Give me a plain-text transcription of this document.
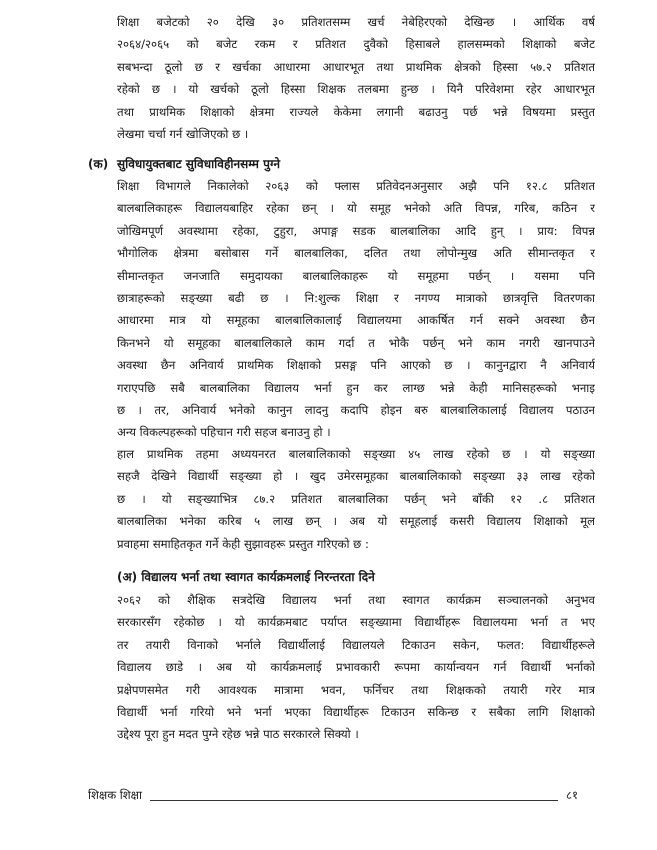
शिक्षा बजेटको २० देखि ३० प्रतिशतसम्म खर्च नेबेहिरएको देखिन्छ । आर्थिक वर्ष
२०६४/२०६५ को बजेट रकम र प्रतिशत दुवैको हिसाबले हालसम्मको शिक्षाको बजेट
सबभन्दा ठूलो छ र खर्चका आधारमा आधारभूत तथा प्राथमिक क्षेत्रको हिस्सा ५७.२ प्रतिशत
रहेको छ । यो खर्चको ठूलो हिस्सा शिक्षक तलबमा हुन्छ । यिनै परिवेशमा रहेर आधारभूत
तथा प्राथमिक शिक्षाको क्षेत्रमा राज्यले केकेमा लगानी बढाउनु पर्छ भन्ने विषयमा प्रस्तुत
लेखमा चर्चा गर्न खोजिएको छ ।
(क) सुविधायुक्तबाट सुविधाविहीनसम्म पुग्ने
शिक्षा विभागले निकालेको २०६३ को फ्लास प्रतिवेदनअनुसार अझै पनि १२.८ प्रतिशत
बालबालिकाहरू विद्यालयबाहिर रहेका छन् । यो समूह भनेको अति विपन्न, गरिब, कठिन र
जोखिमपूर्ण अवस्थामा रहेका, टुहुरा, अपाङ्ग सडक बालबालिका आदि हुन् । प्राय: विपन्न
भौगोलिक क्षेत्रमा बसोबास गर्ने बालबालिका, दलित तथा लोपोन्मुख अति सीमान्तकृत र
सीमान्तकृत जनजाति समुदायका बालबालिकाहरू यो समूहमा पर्छन् । यसमा पनि
छात्राहरूको सङ्ख्या बढी छ । नि:शुल्क शिक्षा र नगण्य मात्राको छात्रवृत्ति वितरणका
आधारमा मात्र यो समूहका बालबालिकालाई विद्यालयमा आकर्षित गर्न सक्ने अवस्था छैन
किनभने यो समूहका बालबालिकाले काम गर्दा त भोकै पर्छन् भने काम नगरी खानपाउने
अवस्था छैन अनिवार्य प्राथमिक शिक्षाको प्रसङ्ग पनि आएको छ । कानुनद्वारा नै अनिवार्य
गराएपछि सबै बालबालिका विद्यालय भर्ना हुन कर लाग्छ भन्ने केही मानिसहरूको भनाइ
छ । तर, अनिवार्य भनेको कानुन लादनु कदापि होइन बरु बालबालिकालाई विद्यालय पठाउन
अन्य विकल्पहरूको पहिचान गरी सहज बनाउनु हो ।
हाल प्राथमिक तहमा अध्ययनरत बालबालिकाको सङ्ख्या ४५ लाख रहेको छ । यो सङ्ख्या
सहजै देखिने विद्यार्थी सङ्ख्या हो । खुद उमेरसमूहका बालबालिकाको सङ्ख्या ३३ लाख रहेको
छ । यो सङ्ख्याभित्र ८७.२ प्रतिशत बालबालिका पर्छन् भने बाँकी १२ .८ प्रतिशत
बालबालिका भनेका करिब ५ लाख छन् । अब यो समूहलाई कसरी विद्यालय शिक्षाको मूल
प्रवाहमा समाहितकृत गर्ने केही सुझावहरू प्रस्तुत गरिएको छ :
(अ) विद्यालय भर्ना तथा स्वागत कार्यक्रमलाई निरन्तरता दिने
२०६२ को शैक्षिक सत्रदेखि विद्यालय भर्ना तथा स्वागत कार्यक्रम सञ्चालनको अनुभव
सरकारसँग रहेकोछ । यो कार्यक्रमबाट पर्याप्त सङ्ख्यामा विद्यार्थीहरू विद्यालयमा भर्ना त भए
तर तयारी विनाको भर्नाले विद्यार्थीलाई विद्यालयले टिकाउन सकेन, फलत: विद्यार्थीहरूले
विद्यालय छाडे । अब यो कार्यक्रमलाई प्रभावकारी रूपमा कार्यान्वयन गर्न विद्यार्थी भर्नाको
प्रक्षेपणसमेत गरी आवश्यक मात्रामा भवन, फर्निचर तथा शिक्षकको तयारी गरेर मात्र
विद्यार्थी भर्ना गरियो भने भर्ना भएका विद्यार्थीहरू टिकाउन सकिन्छ र सबैका लागि शिक्षाको
उद्देश्य पूरा हुन मदत पुग्ने रहेछ भन्ने पाठ सरकारले सिक्यो ।
शिक्षक शिक्षा	८१
